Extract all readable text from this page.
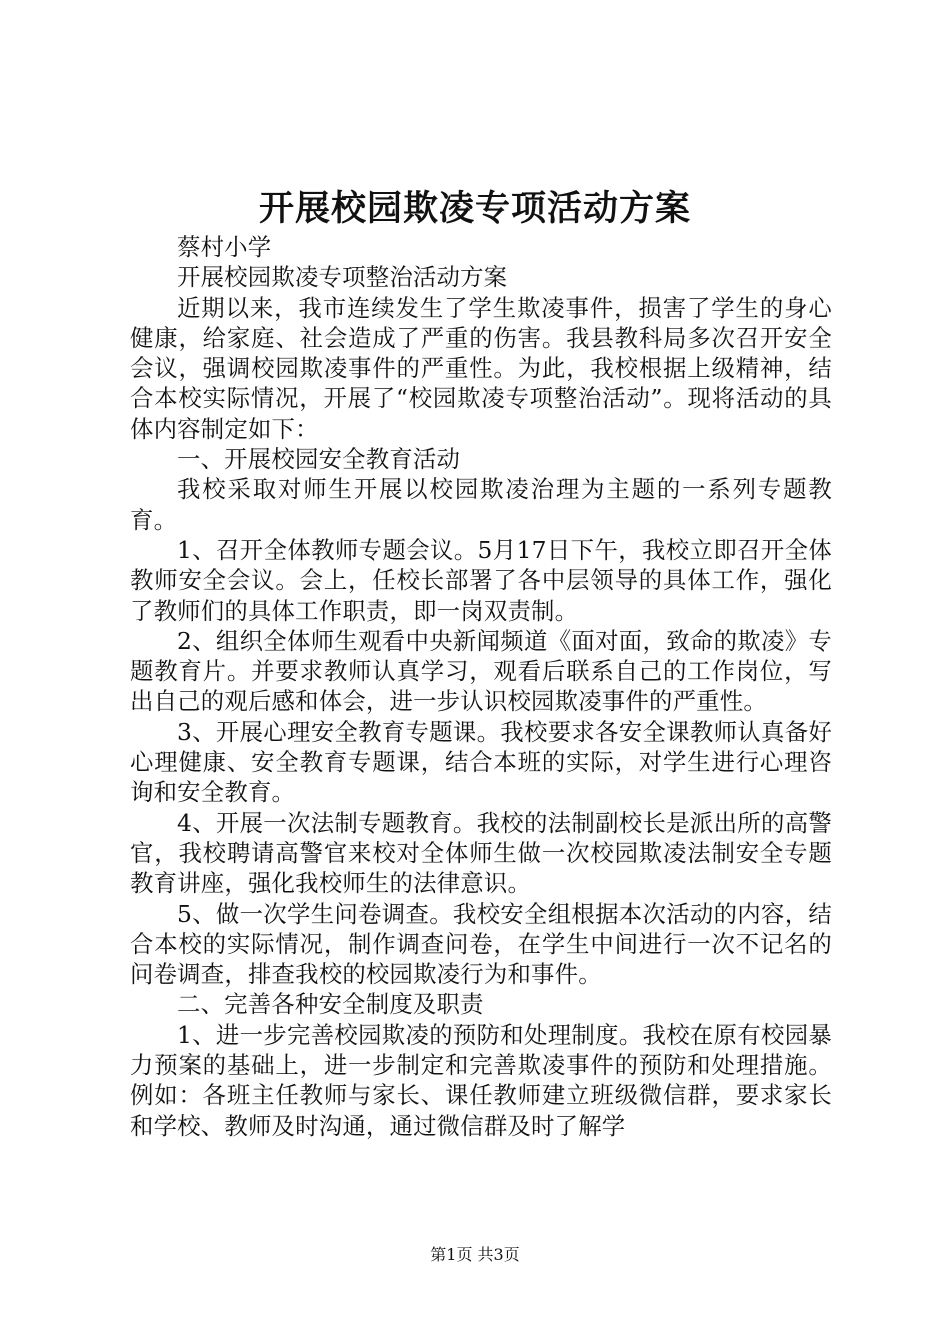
开展校园欺凌专项活动方案

蔡村小学

开展校园欺凌专项整治活动方案

近期以来，我市连续发生了学生欺凌事件，损害了学生的身心健康，给家庭、社会造成了严重的伤害。我县教科局多次召开安全会议，强调校园欺凌事件的严重性。为此，我校根据上级精神，结合本校实际情况，开展了“校园欺凌专项整治活动”。现将活动的具体内容制定如下：

一、开展校园安全教育活动

我校采取对师生开展以校园欺凌治理为主题的一系列专题教育。

1、召开全体教师专题会议。5月17日下午，我校立即召开全体教师安全会议。会上，任校长部署了各中层领导的具体工作，强化了教师们的具体工作职责，即一岗双责制。

2、组织全体师生观看中央新闻频道《面对面，致命的欺凌》专题教育片。并要求教师认真学习，观看后联系自己的工作岗位，写出自己的观后感和体会，进一步认识校园欺凌事件的严重性。

3、开展心理安全教育专题课。我校要求各安全课教师认真备好心理健康、安全教育专题课，结合本班的实际，对学生进行心理咨询和安全教育。

4、开展一次法制专题教育。我校的法制副校长是派出所的高警官，我校聘请高警官来校对全体师生做一次校园欺凌法制安全专题教育讲座，强化我校师生的法律意识。

5、做一次学生问卷调查。我校安全组根据本次活动的内容，结合本校的实际情况，制作调查问卷，在学生中间进行一次不记名的问卷调查，排查我校的校园欺凌行为和事件。

二、完善各种安全制度及职责

1、进一步完善校园欺凌的预防和处理制度。我校在原有校园暴力预案的基础上，进一步制定和完善欺凌事件的预防和处理措施。例如：各班主任教师与家长、课任教师建立班级微信群，要求家长和学校、教师及时沟通，通过微信群及时了解学

第1页 共3页
